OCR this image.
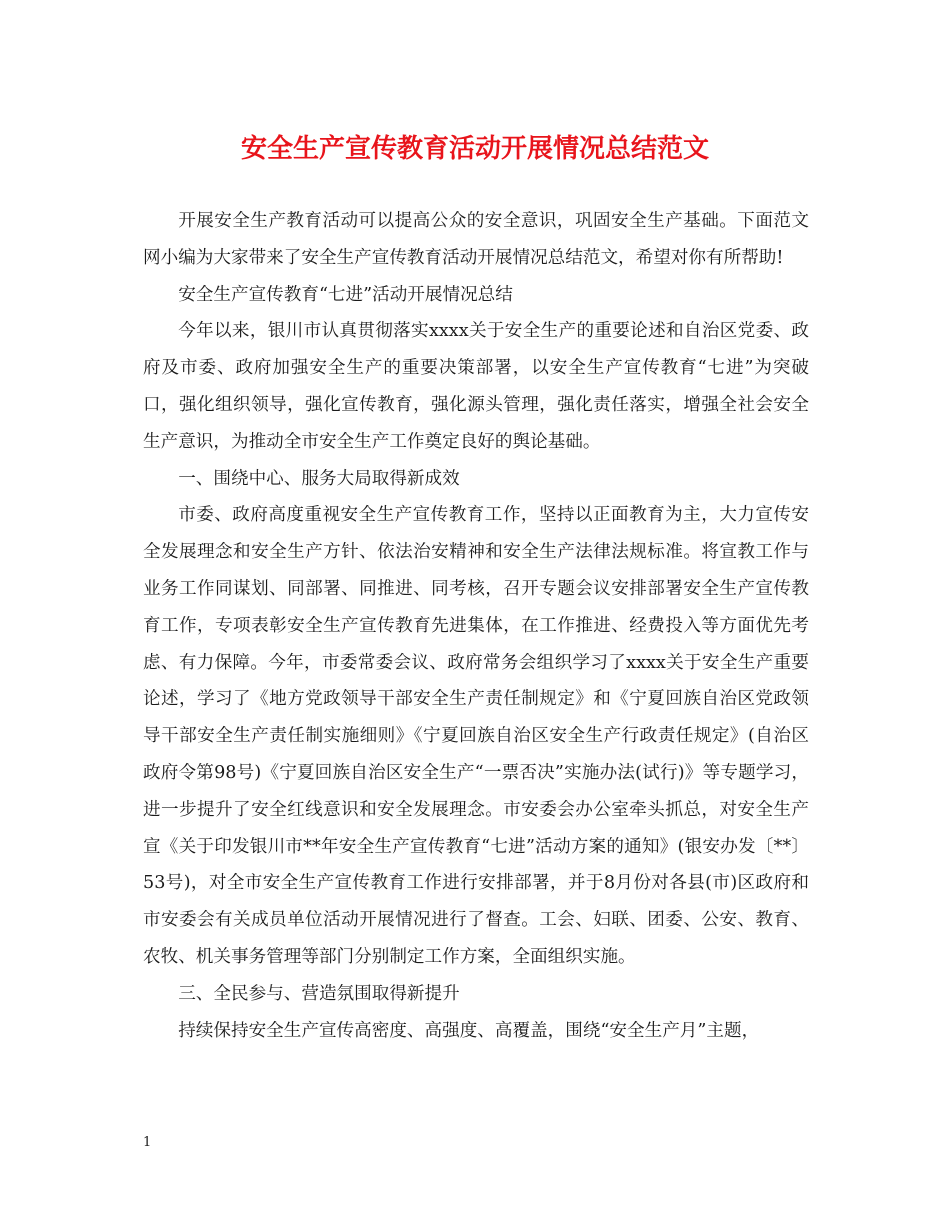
安全生产宣传教育活动开展情况总结范文

开展安全生产教育活动可以提高公众的安全意识，巩固安全生产基础。下面范文网小编为大家带来了安全生产宣传教育活动开展情况总结范文，希望对你有所帮助!

安全生产宣传教育“七进”活动开展情况总结

今年以来，银川市认真贯彻落实xxxx关于安全生产的重要论述和自治区党委、政府及市委、政府加强安全生产的重要决策部署，以安全生产宣传教育“七进”为突破口，强化组织领导，强化宣传教育，强化源头管理，强化责任落实，增强全社会安全生产意识，为推动全市安全生产工作奠定良好的舆论基础。

一、围绕中心、服务大局取得新成效

市委、政府高度重视安全生产宣传教育工作，坚持以正面教育为主，大力宣传安全发展理念和安全生产方针、依法治安精神和安全生产法律法规标准。将宣教工作与业务工作同谋划、同部署、同推进、同考核，召开专题会议安排部署安全生产宣传教育工作，专项表彰安全生产宣传教育先进集体，在工作推进、经费投入等方面优先考虑、有力保障。今年，市委常委会议、政府常务会组织学习了xxxx关于安全生产重要论述，学习了《地方党政领导干部安全生产责任制规定》和《宁夏回族自治区党政领导干部安全生产责任制实施细则》《宁夏回族自治区安全生产行政责任规定》(自治区政府令第98号)《宁夏回族自治区安全生产“一票否决”实施办法(试行)》等专题学习，进一步提升了安全红线意识和安全发展理念。市安委会办公室牵头抓总，对安全生产宣《关于印发银川市**年安全生产宣传教育“七进”活动方案的通知》(银安办发〔**〕53号)，对全市安全生产宣传教育工作进行安排部署，并于8月份对各县(市)区政府和市安委会有关成员单位活动开展情况进行了督查。工会、妇联、团委、公安、教育、农牧、机关事务管理等部门分别制定工作方案，全面组织实施。

三、全民参与、营造氛围取得新提升

持续保持安全生产宣传高密度、高强度、高覆盖，围绕“安全生产月”主题，

1
